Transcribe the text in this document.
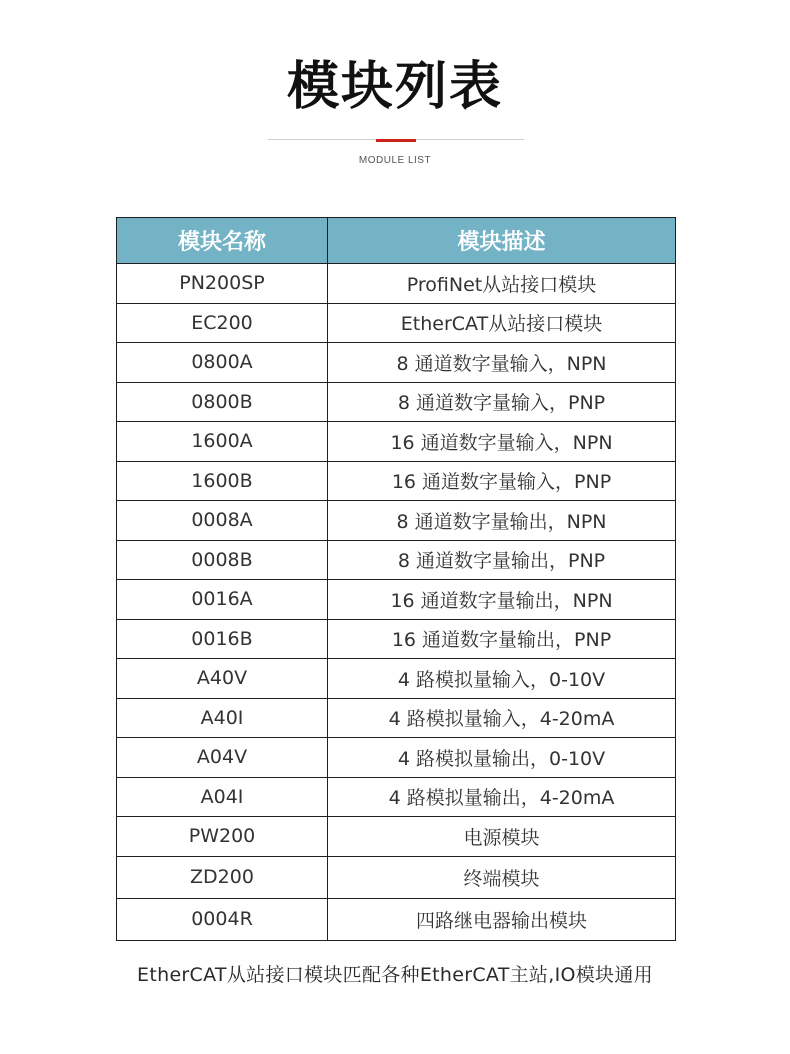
模块列表
MODULE LIST
模块名称	模块描述
PN200SP	ProfiNet从站接口模块
EC200	EtherCAT从站接口模块
0800A	8 通道数字量输入，NPN
0800B	8 通道数字量输入，PNP
1600A	16 通道数字量输入，NPN
1600B	16 通道数字量输入，PNP
0008A	8 通道数字量输出，NPN
0008B	8 通道数字量输出，PNP
0016A	16 通道数字量输出，NPN
0016B	16 通道数字量输出，PNP
A40V	4 路模拟量输入，0-10V
A40I	4 路模拟量输入，4-20mA
A04V	4 路模拟量输出，0-10V
A04I	4 路模拟量输出，4-20mA
PW200	电源模块
ZD200	终端模块
0004R	四路继电器输出模块
EtherCAT从站接口模块匹配各种EtherCAT主站,IO模块通用
